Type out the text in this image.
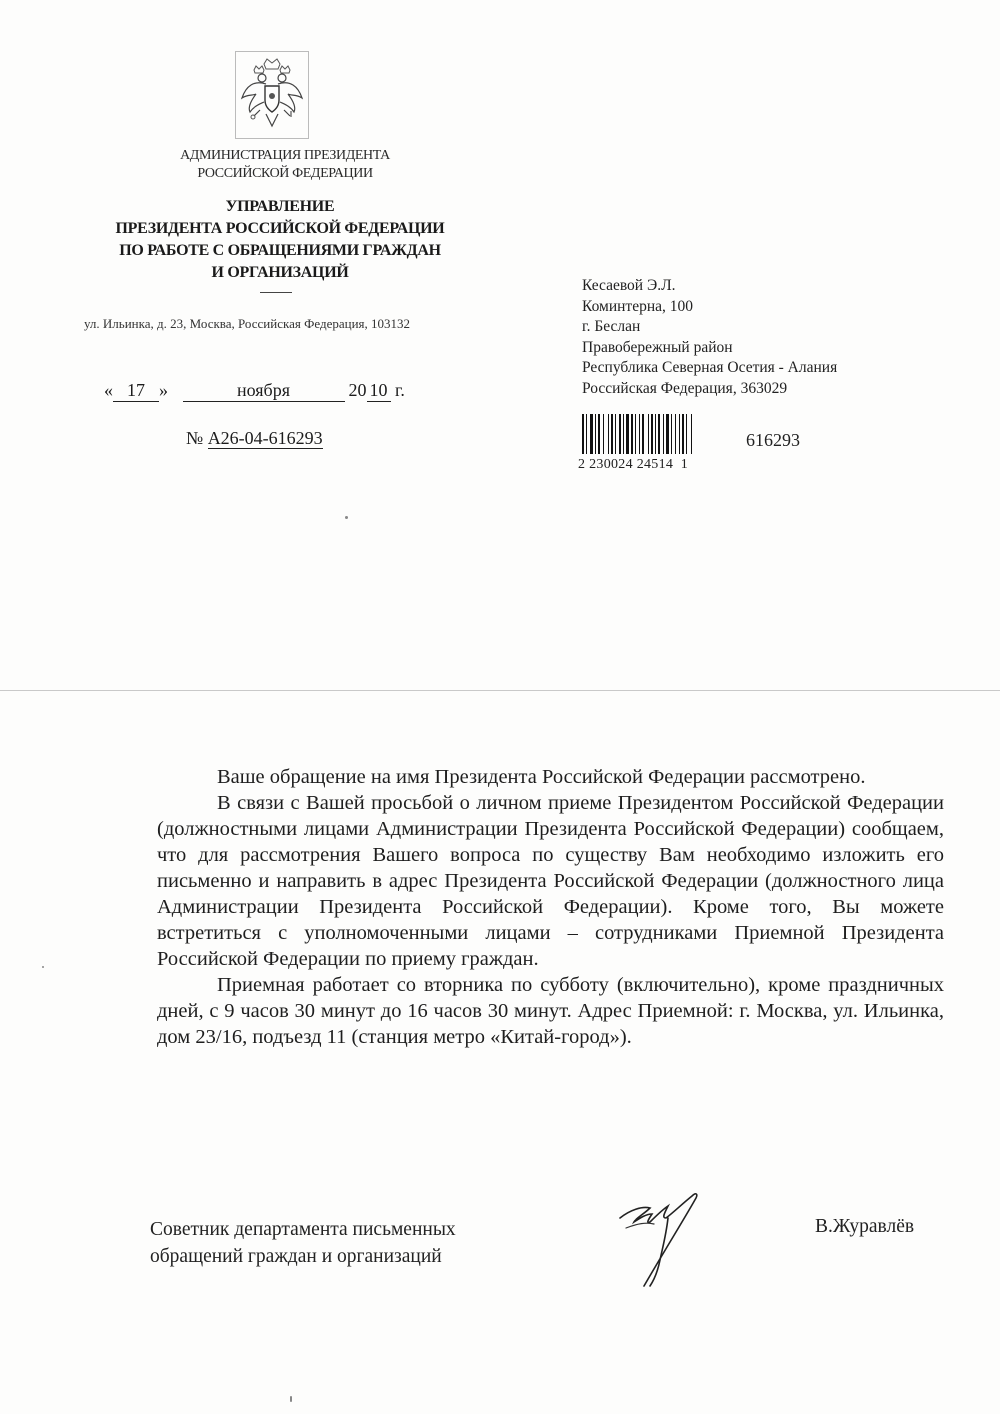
АДМИНИСТРАЦИЯ ПРЕЗИДЕНТА
РОССИЙСКОЙ ФЕДЕРАЦИИ
УПРАВЛЕНИЕ
ПРЕЗИДЕНТА РОССИЙСКОЙ ФЕДЕРАЦИИ
ПО РАБОТЕ С ОБРАЩЕНИЯМИ ГРАЖДАН
И ОРГАНИЗАЦИЙ
ул. Ильинка, д. 23, Москва, Российская Федерация, 103132
« 17 »	ноября	20 10 г.
№ А26-04-616293
Кесаевой Э.Л.
Коминтерна, 100
г. Беслан
Правобережный район
Республика Северная Осетия - Алания
Российская Федерация, 363029
2 230024 24514  1
616293

Ваше обращение на имя Президента Российской Федерации рассмотрено.

В связи с Вашей просьбой о личном приеме Президентом Российской Федерации (должностными лицами Администрации Президента Российской Федерации) сообщаем, что для рассмотрения Вашего вопроса по существу Вам необходимо изложить его письменно и направить в адрес Президента Российской Федерации (должностного лица Администрации Президента Российской Федерации). Кроме того, Вы можете встретиться с уполномоченными лицами – сотрудниками Приемной Президента Российской Федерации по приему граждан.

Приемная работает со вторника по субботу (включительно), кроме праздничных дней, с 9 часов 30 минут до 16 часов 30 минут. Адрес Приемной: г. Москва, ул. Ильинка, дом 23/16, подъезд 11 (станция метро «Китай-город»).

Советник департамента письменных
обращений граждан и организаций
В.Журавлёв
